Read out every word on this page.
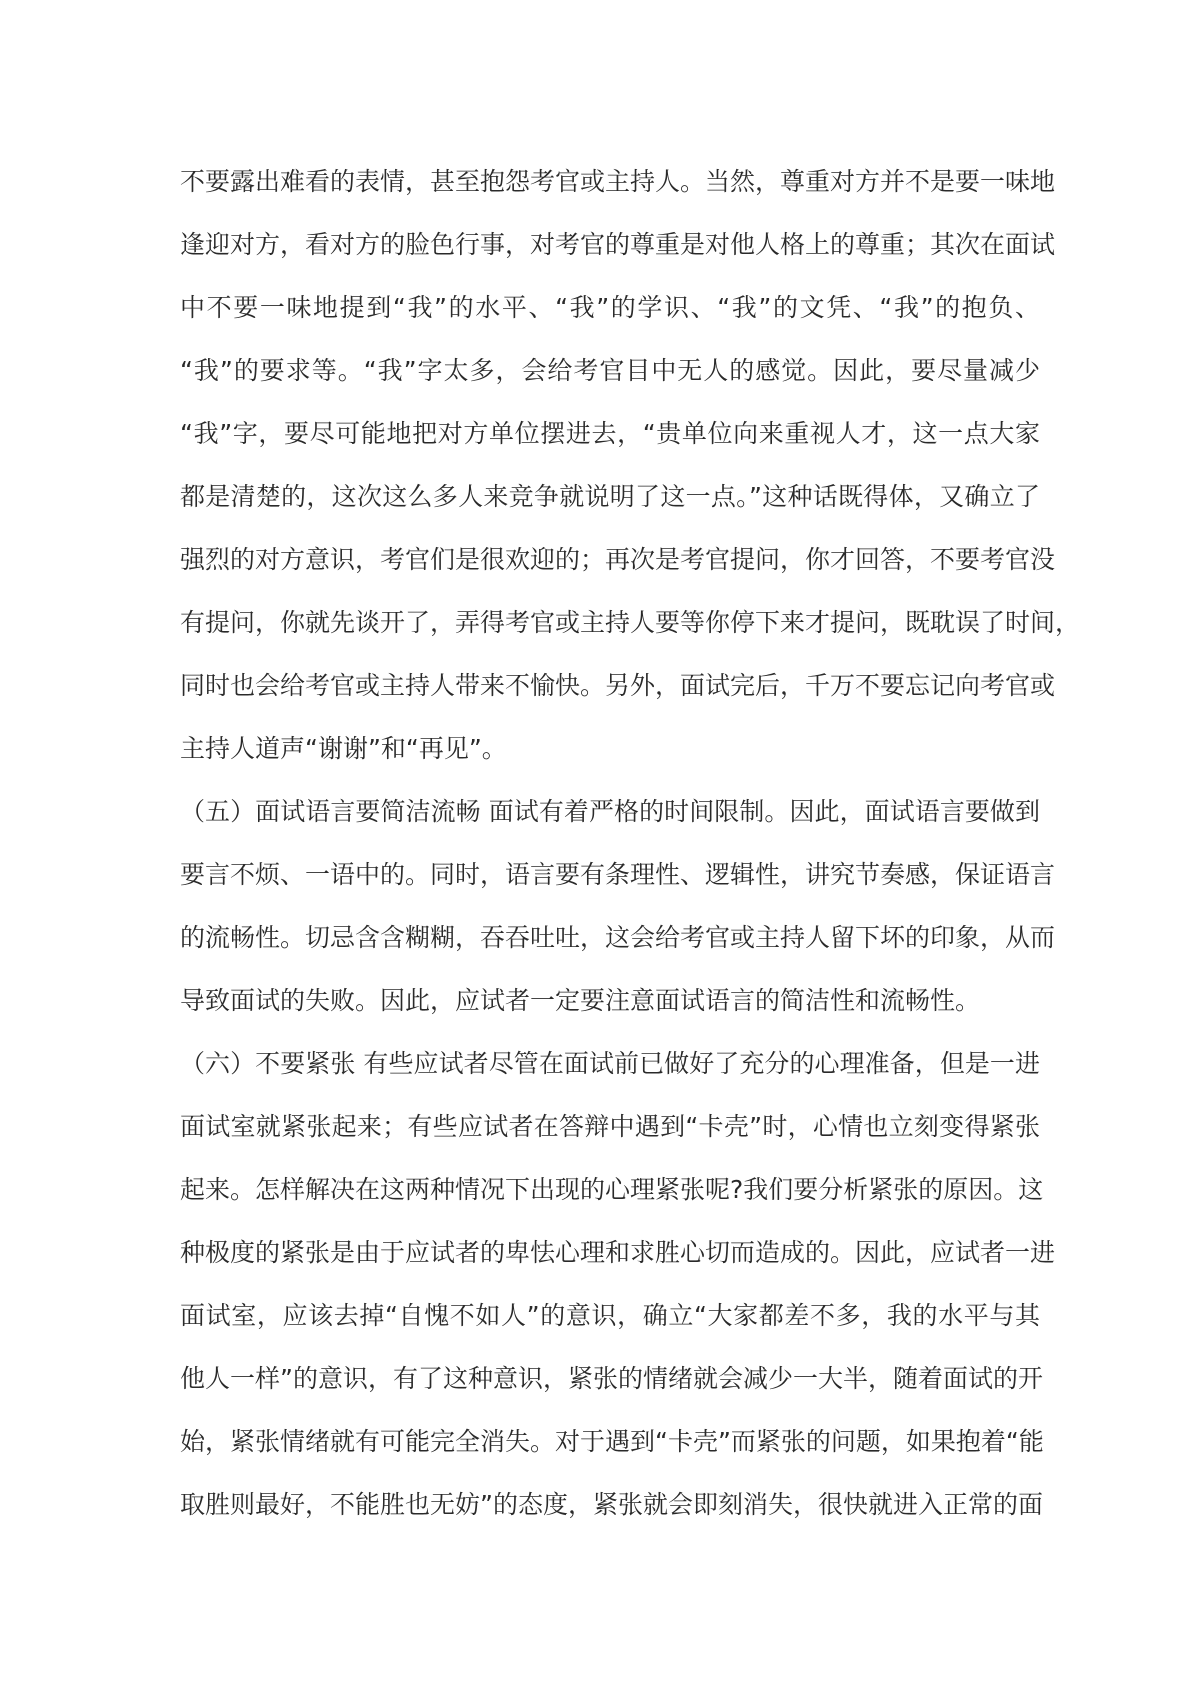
不要露出难看的表情，甚至抱怨考官或主持人。当然，尊重对方并不是要一味地
逢迎对方，看对方的脸色行事，对考官的尊重是对他人格上的尊重；其次在面试
中不要一味地提到“我”的水平、“我”的学识、“我”的文凭、“我”的抱负、
“我”的要求等。“我”字太多，会给考官目中无人的感觉。因此，要尽量减少
“我”字，要尽可能地把对方单位摆进去，“贵单位向来重视人才，这一点大家
都是清楚的，这次这么多人来竞争就说明了这一点。”这种话既得体，又确立了
强烈的对方意识，考官们是很欢迎的；再次是考官提问，你才回答，不要考官没
有提问，你就先谈开了，弄得考官或主持人要等你停下来才提问，既耽误了时间，
同时也会给考官或主持人带来不愉快。另外，面试完后，千万不要忘记向考官或
主持人道声“谢谢”和“再见”。
（五）面试语言要简洁流畅 面试有着严格的时间限制。因此，面试语言要做到
要言不烦、一语中的。同时，语言要有条理性、逻辑性，讲究节奏感，保证语言
的流畅性。切忌含含糊糊，吞吞吐吐，这会给考官或主持人留下坏的印象，从而
导致面试的失败。因此，应试者一定要注意面试语言的简洁性和流畅性。
（六）不要紧张 有些应试者尽管在面试前已做好了充分的心理准备，但是一进
面试室就紧张起来；有些应试者在答辩中遇到“卡壳”时，心情也立刻变得紧张
起来。怎样解决在这两种情况下出现的心理紧张呢?我们要分析紧张的原因。这
种极度的紧张是由于应试者的卑怯心理和求胜心切而造成的。因此，应试者一进
面试室，应该去掉“自愧不如人”的意识，确立“大家都差不多，我的水平与其
他人一样”的意识，有了这种意识，紧张的情绪就会减少一大半，随着面试的开
始，紧张情绪就有可能完全消失。对于遇到“卡壳”而紧张的问题，如果抱着“能
取胜则最好，不能胜也无妨”的态度，紧张就会即刻消失，很快就进入正常的面
